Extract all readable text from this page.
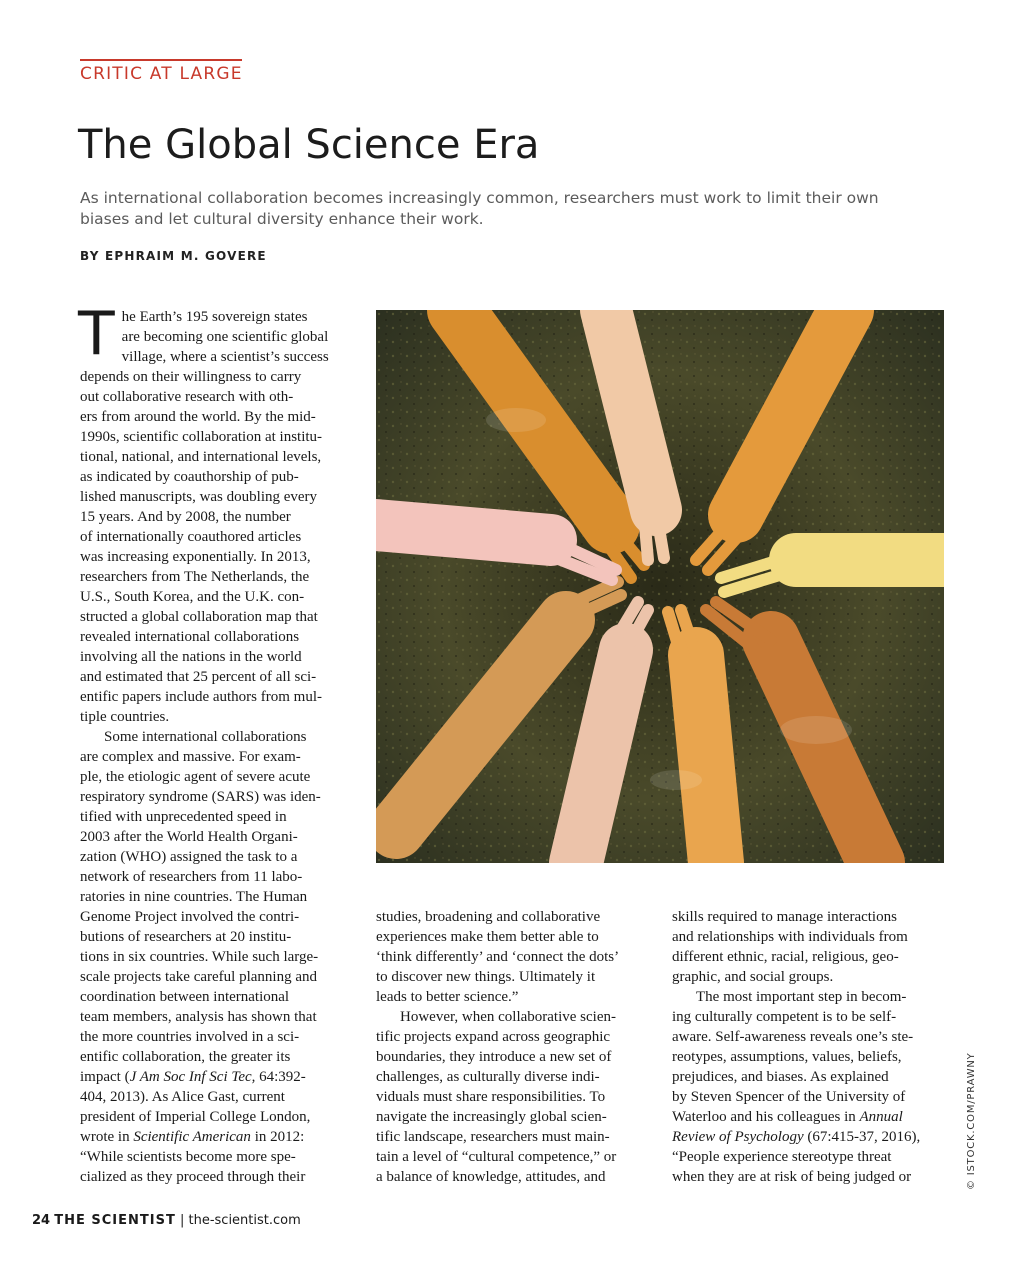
CRITIC AT LARGE
The Global Science Era

As international collaboration becomes increasingly common, researchers must work to limit their own biases and let cultural diversity enhance their work.

BY EPHRAIM M. GOVERE

T he Earth’s 195 sovereign states
are becoming one scientific global
village, where a scientist’s success
depends on their willingness to carry
out collaborative research with oth-
ers from around the world. By the mid-
1990s, scientific collaboration at institu-
tional, national, and international levels,
as indicated by coauthorship of pub-
lished manuscripts, was doubling every
15 years. And by 2008, the number
of internationally coauthored articles
was increasing exponentially. In 2013,
researchers from The Netherlands, the
U.S., South Korea, and the U.K. con-
structed a global collaboration map that
revealed international collaborations
involving all the nations in the world
and estimated that 25 percent of all sci-
entific papers include authors from mul-
tiple countries.

Some international collaborations
are complex and massive. For exam-
ple, the etiologic agent of severe acute
respiratory syndrome (SARS) was iden-
tified with unprecedented speed in
2003 after the World Health Organi-
zation (WHO) assigned the task to a
network of researchers from 11 labo-
ratories in nine countries. The Human
Genome Project involved the contri-
butions of researchers at 20 institu-
tions in six countries. While such large-
scale projects take careful planning and
coordination between international
team members, analysis has shown that
the more countries involved in a sci-
entific collaboration, the greater its
impact (J Am Soc Inf Sci Tec, 64:392-
404, 2013). As Alice Gast, current
president of Imperial College London,
wrote in Scientific American in 2012:
“While scientists become more spe-
cialized as they proceed through their

studies, broadening and collaborative
experiences make them better able to
‘think differently’ and ‘connect the dots’
to discover new things. Ultimately it
leads to better science.”

However, when collaborative scien-
tific projects expand across geographic
boundaries, they introduce a new set of
challenges, as culturally diverse indi-
viduals must share responsibilities. To
navigate the increasingly global scien-
tific landscape, researchers must main-
tain a level of “cultural competence,” or
a balance of knowledge, attitudes, and

skills required to manage interactions
and relationships with individuals from
different ethnic, racial, religious, geo-
graphic, and social groups.

The most important step in becom-
ing culturally competent is to be self-
aware. Self-awareness reveals one’s ste-
reotypes, assumptions, values, beliefs,
prejudices, and biases. As explained
by Steven Spencer of the University of
Waterloo and his colleagues in Annual
Review of Psychology (67:415-37, 2016),
“People experience stereotype threat
when they are at risk of being judged or	© ISTOCK.COM/PRAWNY
24 THE SCIENTIST | the-scientist.com
